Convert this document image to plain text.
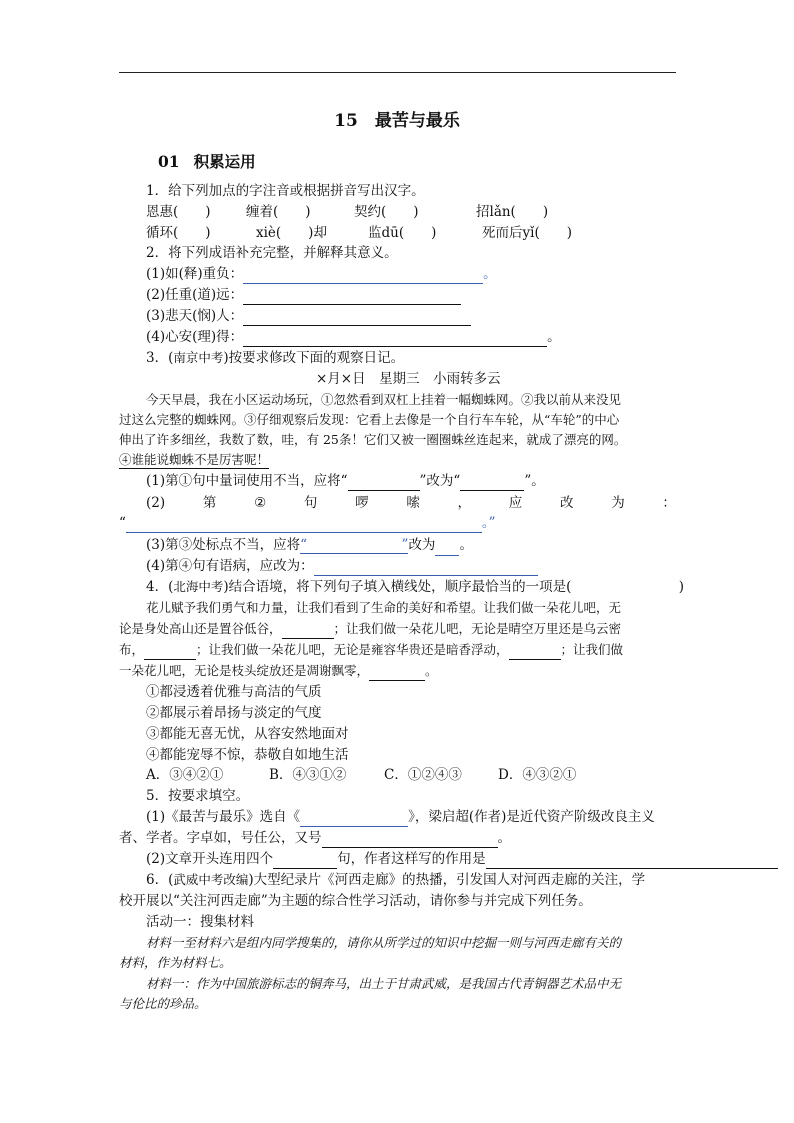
15　最苦与最乐
01 积累运用
1．给下列加点的字注音或根据拼音写出汉字。
恩惠(　　)	缠着(　　)	契约(　　)	招lǎn(　　)
循环(　　)	xiè(　　)却	监dū(　　)	死而后yǐ(　　)
2．将下列成语补充完整，并解释其意义。
(1)如(释)重负：	。
(2)任重(道)远：
(3)悲天(悯)人：
(4)心安(理)得：	。
3．(南京中考)按要求修改下面的观察日记。
×月×日　星期三　小雨转多云
今天早晨，我在小区运动场玩，①忽然看到双杠上挂着一幅蜘蛛网。②我以前从来没见
过这么完整的蜘蛛网。③仔细观察后发现：它看上去像是一个自行车车轮，从“车轮”的中心
伸出了许多细丝，我数了数，哇，有 25条！它们又被一圈圈蛛丝连起来，就成了漂亮的网。
④谁能说蜘蛛不是厉害呢！
(1)第①句中量词使用不当，应将“	”改为“	”。
(2)	第	②	句	啰	嗦	，	应	改	为	：
“	。”
(3)第③处标点不当，应将“　　　　　　　”改为 。
(4)第④句有语病，应改为：
4．(北海中考)结合语境，将下列句子填入横线处，顺序最恰当的一项是(	)
花儿赋予我们勇气和力量，让我们看到了生命的美好和希望。让我们做一朵花儿吧，无
论是身处高山还是置谷低谷，	；让我们做一朵花儿吧，无论是晴空万里还是乌云密
布，	；让我们做一朵花儿吧，无论是雍容华贵还是暗香浮动，	；让我们做
一朵花儿吧，无论是枝头绽放还是凋谢飘零，	。
①都浸透着优雅与高洁的气质
②都展示着昂扬与淡定的气度
③都能无喜无忧，从容安然地面对
④都能宠辱不惊，恭敬自如地生活
A．③④②①	B．④③①②	C．①②④③	D．④③②①
5．按要求填空。
(1)《最苦与最乐》选自《	》，梁启超(作者)是近代资产阶级改良主义
者、学者。字卓如，号任公，又号	。
(2)文章开头连用四个	句，作者这样写的作用是
6．(武威中考改编)大型纪录片《河西走廊》的热播，引发国人对河西走廊的关注，学
校开展以“关注河西走廊”为主题的综合性学习活动，请你参与并完成下列任务。
活动一：搜集材料
材料一至材料六是组内同学搜集的，请你从所学过的知识中挖掘一则与河西走廊有关的
材料，作为材料七。
材料一：作为中国旅游标志的铜奔马，出土于甘肃武威，是我国古代青铜器艺术品中无
与伦比的珍品。
